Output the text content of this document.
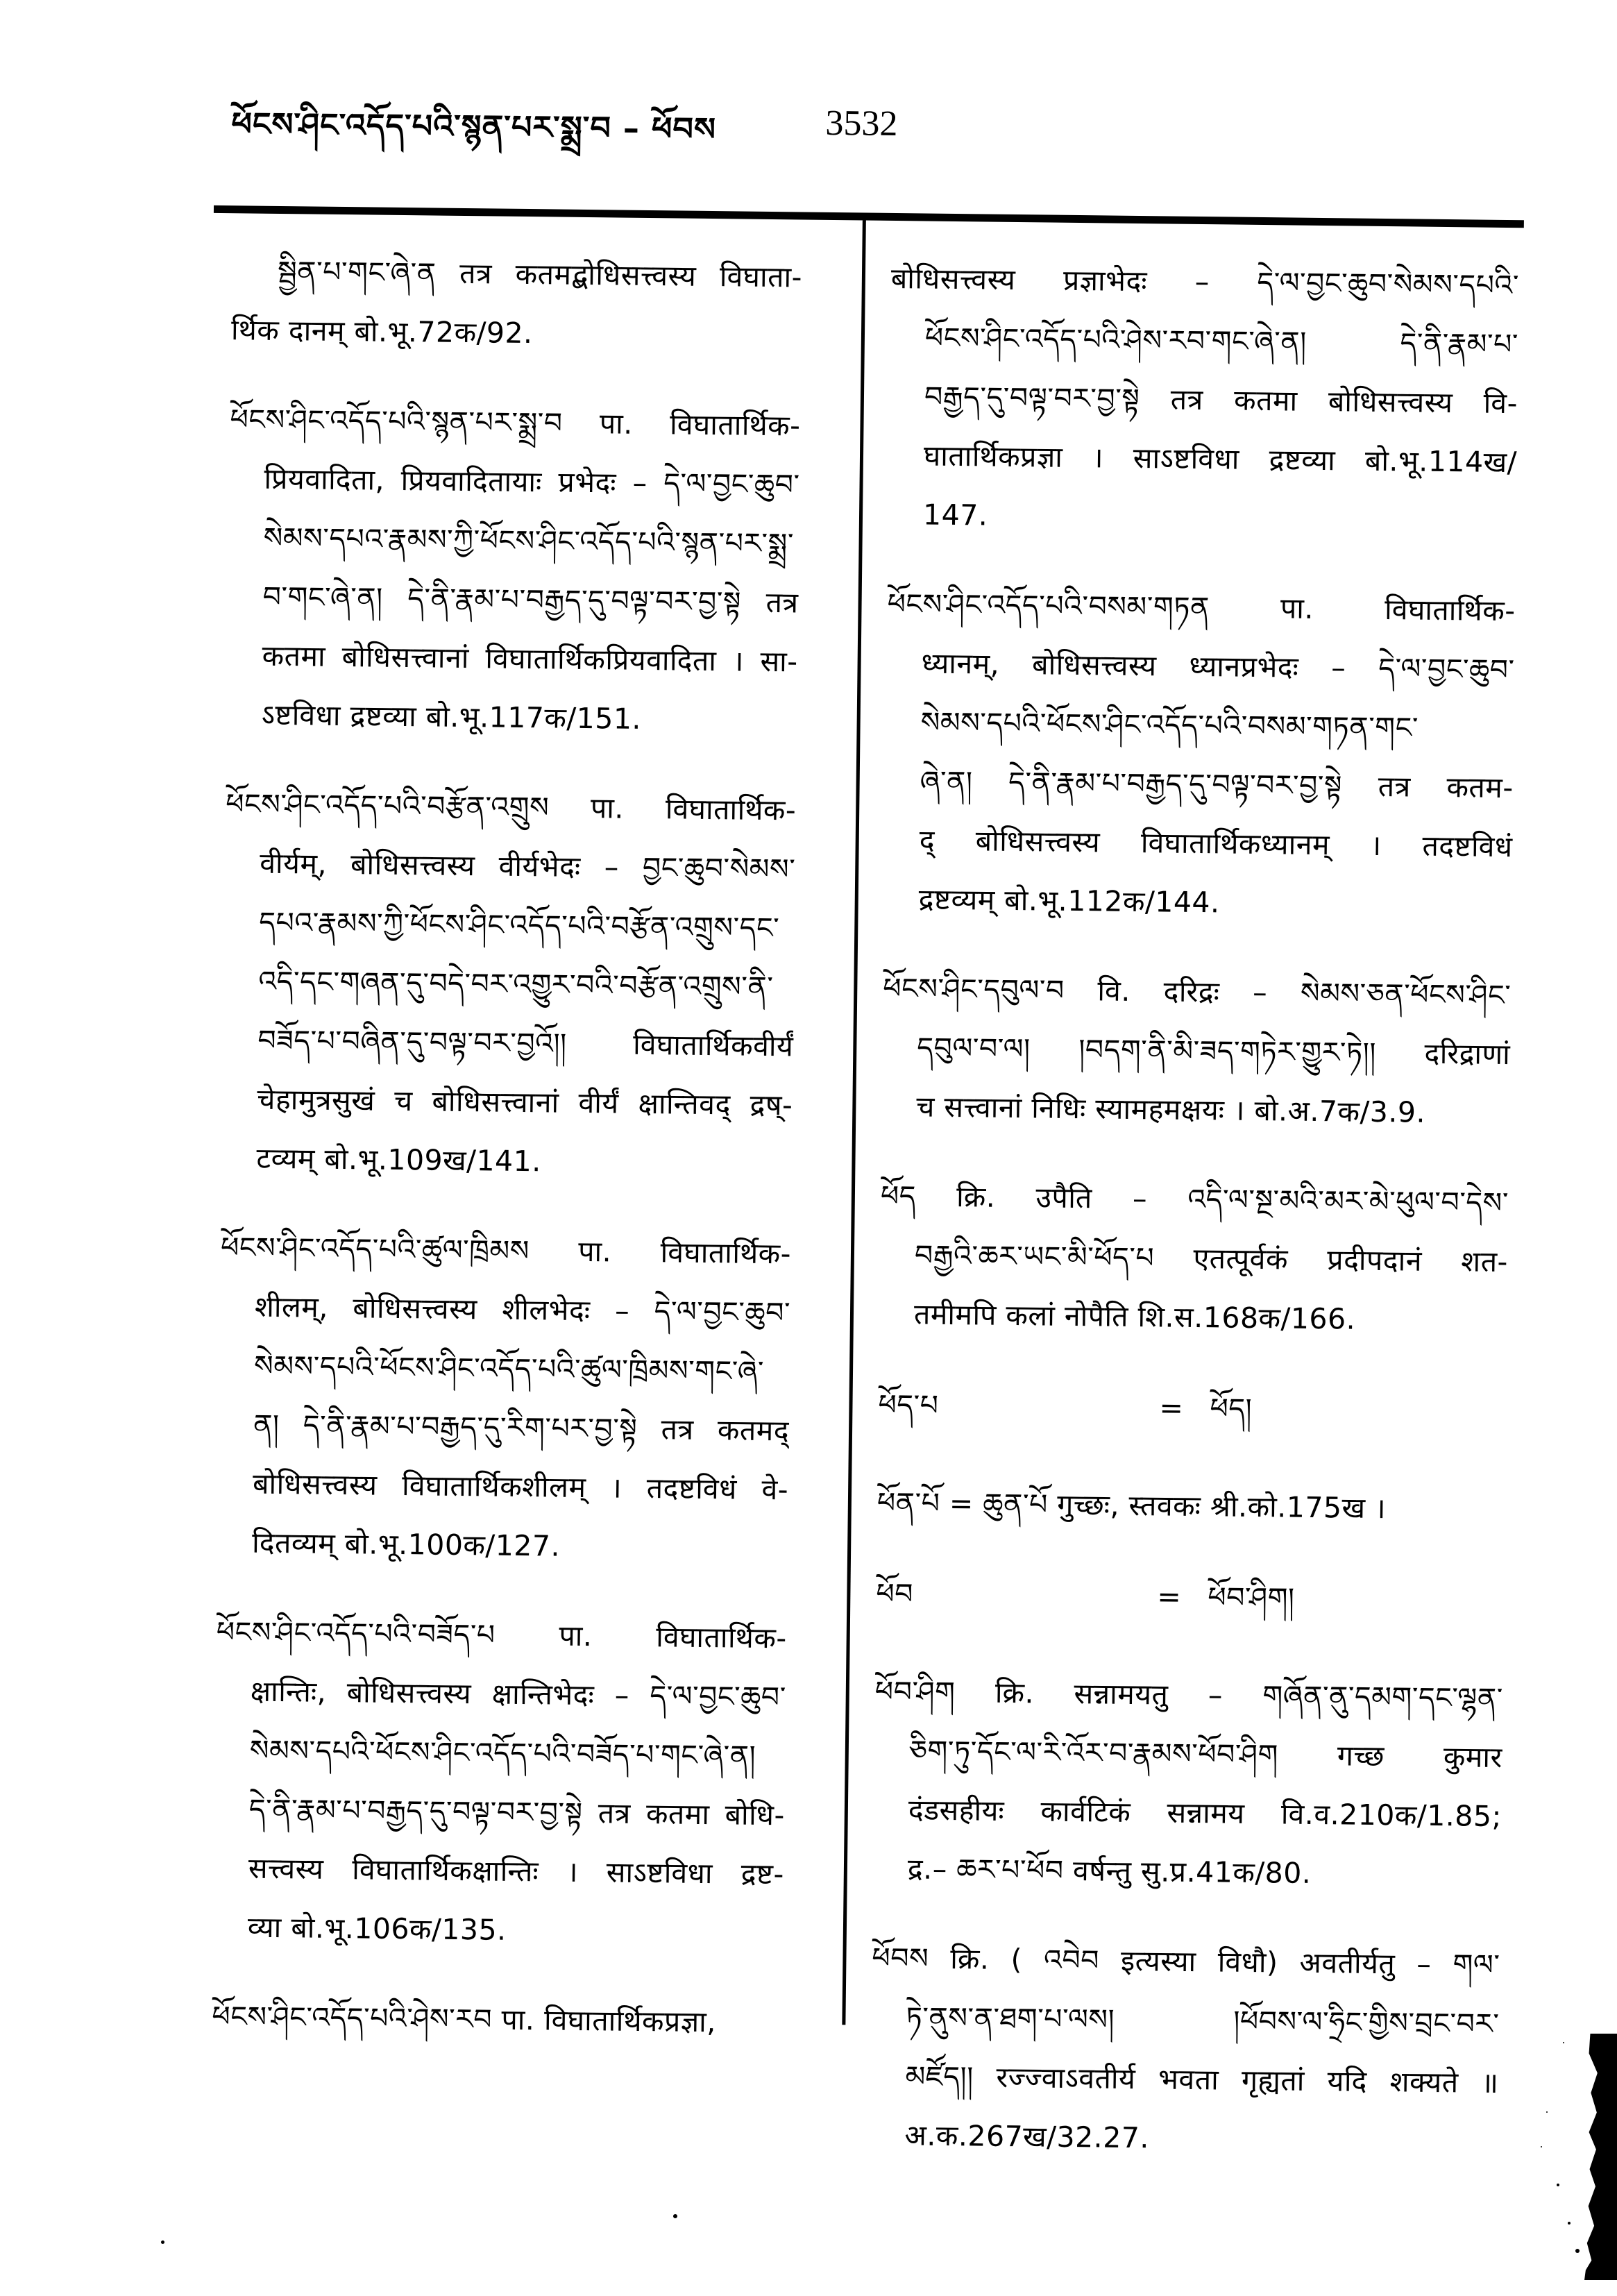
ཕོངས་ཤིང་འདོད་པའི་སྙན་པར་སྨྲ་བ – ཕོབས	3532
སྦྱིན་པ་གང་ཞེ་ན तत्र कतमद्बोधिसत्त्वस्य विघाता-
र्थिक दानम् बो.भू.72क/92.
ཕོངས་ཤིང་འདོད་པའི་སྙན་པར་སྨྲ་བ पा. विघातार्थिक-
प्रियवादिता, प्रियवादितायाः प्रभेदः – དེ་ལ་བྱང་ཆུབ་
སེམས་དཔའ་རྣམས་ཀྱི་ཕོངས་ཤིང་འདོད་པའི་སྙན་པར་སྨྲ་
བ་གང་ཞེ་ན། དེ་ནི་རྣམ་པ་བརྒྱད་དུ་བལྟ་བར་བྱ་སྟེ तत्र
कतमा बोधिसत्त्वानां विघातार्थिकप्रियवादिता । सा-
ऽष्टविधा द्रष्टव्या बो.भू.117क/151.
ཕོངས་ཤིང་འདོད་པའི་བརྩོན་འགྲུས पा. विघातार्थिक-
वीर्यम्, बोधिसत्त्वस्य वीर्यभेदः – བྱང་ཆུབ་སེམས་
དཔའ་རྣམས་ཀྱི་ཕོངས་ཤིང་འདོད་པའི་བརྩོན་འགྲུས་དང་
འདི་དང་གཞན་དུ་བདེ་བར་འགྱུར་བའི་བརྩོན་འགྲུས་ནི་
བཟོད་པ་བཞིན་དུ་བལྟ་བར་བྱའོ།། विघातार्थिकवीर्यं
चेहामुत्रसुखं च बोधिसत्त्वानां वीर्यं क्षान्तिवद् द्रष्-
टव्यम् बो.भू.109ख/141.
ཕོངས་ཤིང་འདོད་པའི་ཚུལ་ཁྲིམས पा. विघातार्थिक-
शीलम्, बोधिसत्त्वस्य शीलभेदः – དེ་ལ་བྱང་ཆུབ་
སེམས་དཔའི་ཕོངས་ཤིང་འདོད་པའི་ཚུལ་ཁྲིམས་གང་ཞེ་
ན། དེ་ནི་རྣམ་པ་བརྒྱད་དུ་རིག་པར་བྱ་སྟེ तत्र कतमद्
बोधिसत्त्वस्य विघातार्थिकशीलम् । तदष्टविधं वे-
दितव्यम् बो.भू.100क/127.
ཕོངས་ཤིང་འདོད་པའི་བཟོད་པ पा. विघातार्थिक-
क्षान्तिः, बोधिसत्त्वस्य क्षान्तिभेदः – དེ་ལ་བྱང་ཆུབ་
སེམས་དཔའི་ཕོངས་ཤིང་འདོད་པའི་བཟོད་པ་གང་ཞེ་ན།
དེ་ནི་རྣམ་པ་བརྒྱད་དུ་བལྟ་བར་བྱ་སྟེ तत्र कतमा बोधि-
सत्त्वस्य विघातार्थिकक्षान्तिः । साऽष्टविधा द्रष्ट-
व्या बो.भू.106क/135.
ཕོངས་ཤིང་འདོད་པའི་ཤེས་རབ पा. विघातार्थिकप्रज्ञा,
बोधिसत्त्वस्य प्रज्ञाभेदः – དེ་ལ་བྱང་ཆུབ་སེམས་དཔའི་
ཕོངས་ཤིང་འདོད་པའི་ཤེས་རབ་གང་ཞེ་ན། དེ་ནི་རྣམ་པ་
བརྒྱད་དུ་བལྟ་བར་བྱ་སྟེ तत्र कतमा बोधिसत्त्वस्य वि-
घातार्थिकप्रज्ञा । साऽष्टविधा द्रष्टव्या बो.भू.114ख/
147.
ཕོངས་ཤིང་འདོད་པའི་བསམ་གཏན पा. विघातार्थिक-
ध्यानम्, बोधिसत्त्वस्य ध्यानप्रभेदः – དེ་ལ་བྱང་ཆུབ་
སེམས་དཔའི་ཕོངས་ཤིང་འདོད་པའི་བསམ་གཏན་གང་
ཞེ་ན། དེ་ནི་རྣམ་པ་བརྒྱད་དུ་བལྟ་བར་བྱ་སྟེ तत्र कतम-
द् बोधिसत्त्वस्य विघातार्थिकध्यानम् । तदष्टविधं
द्रष्टव्यम् बो.भू.112क/144.
ཕོངས་ཤིང་དབུལ་བ वि. दरिद्रः – སེམས་ཅན་ཕོངས་ཤིང་
དབུལ་བ་ལ། །བདག་ནི་མི་ཟད་གཏེར་གྱུར་ཏེ།། दरिद्राणां
च सत्त्वानां निधिः स्यामहमक्षयः । बो.अ.7क/3.9.
ཕོད क्रि. उपैति – འདི་ལ་སྔ་མའི་མར་མེ་ཕུལ་བ་དེས་
བརྒྱའི་ཆར་ཡང་མི་ཕོད་པ एतत्पूर्वकं प्रदीपदानं शत-
तमीमपि कलां नोपैति शि.स.168क/166.
ཕོད་པ	= ཕོད།
ཕོན་པོ = ཆུན་པོ गुच्छः, स्तवकः श्री.को.175ख ।
ཕོབ	= ཕོབ་ཤིག།
ཕོབ་ཤིག क्रि. सन्नामयतु – གཞོན་ནུ་དམག་དང་ལྷན་
ཅིག་ཏུ་དོང་ལ་རི་འོར་བ་རྣམས་ཕོབ་ཤིག गच्छ कुमार
दंडसहीयः कार्वटिकं सन्नामय वि.व.210क/1.85;
द्र.– ཆར་པ་ཕོབ वर्षन्तु सु.प्र.41क/80.
ཕོབས क्रि. ( འབེབ इत्यस्या विधौ) अवतीर्यतु – གལ་
ཏེ་ནུས་ན་ཐག་པ་ལས། །ཕོབས་ལ་ཧྲིང་གྱིས་བྲང་བར་
མཛོད།། रज्ज्वाऽवतीर्य भवता गृह्यतां यदि शक्यते ॥
अ.क.267ख/32.27.
